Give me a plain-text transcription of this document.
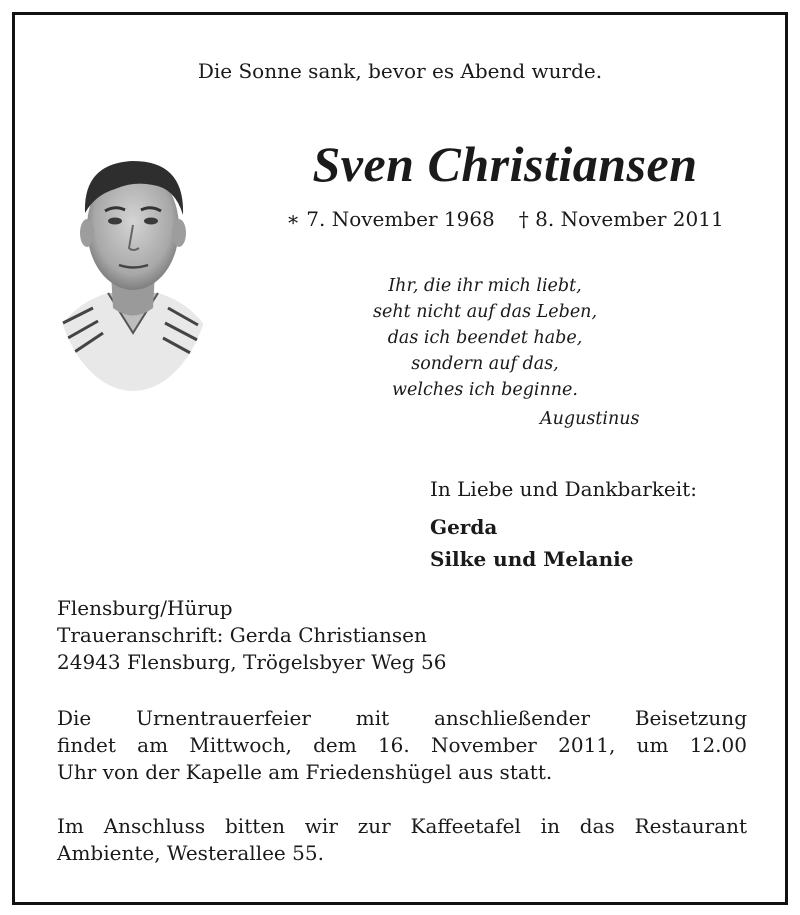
Die Sonne sank, bevor es Abend wurde.
Sven Christiansen
∗ 7. November 1968 † 8. November 2011
Ihr, die ihr mich liebt,
seht nicht auf das Leben,
das ich beendet habe,
sondern auf das,
welches ich beginne.
Augustinus
In Liebe und Dankbarkeit:
Gerda
Silke und Melanie
Flensburg/Hürup
Traueranschrift: Gerda Christiansen
24943 Flensburg, Trögelsbyer Weg 56
Die Urnentrauerfeier mit anschließender Beisetzung
findet am Mittwoch, dem 16. November 2011, um 12.00
Uhr von der Kapelle am Friedenshügel aus statt.
Im Anschluss bitten wir zur Kaffeetafel in das Restaurant
Ambiente, Westerallee 55.
